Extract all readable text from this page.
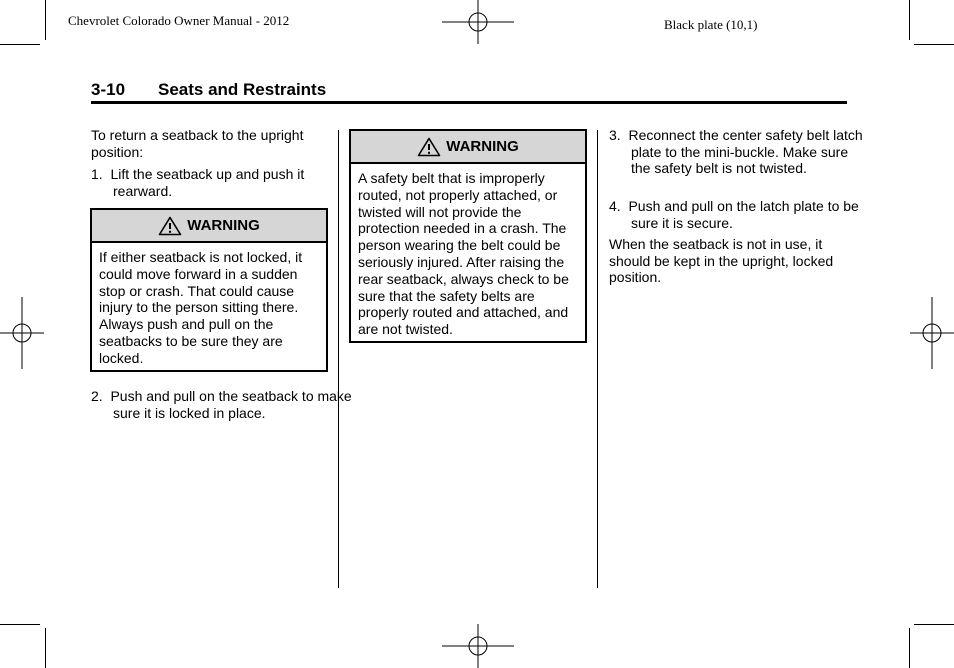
Chevrolet Colorado Owner Manual - 2012	Black plate (10,1)
3-10 Seats and Restraints
To return a seatback to the upright position:
1.  Lift the seatback up and push it rearward.
WARNING
If either seatback is not locked, it could move forward in a sudden stop or crash. That could cause injury to the person sitting there. Always push and pull on the seatbacks to be sure they are locked.
2.  Push and pull on the seatback to make sure it is locked in place.
WARNING
A safety belt that is improperly routed, not properly attached, or twisted will not provide the protection needed in a crash. The person wearing the belt could be seriously injured. After raising the rear seatback, always check to be sure that the safety belts are properly routed and attached, and are not twisted.
3.  Reconnect the center safety belt latch plate to the mini-buckle. Make sure the safety belt is not twisted.
4.  Push and pull on the latch plate to be sure it is secure.
When the seatback is not in use, it should be kept in the upright, locked position.
